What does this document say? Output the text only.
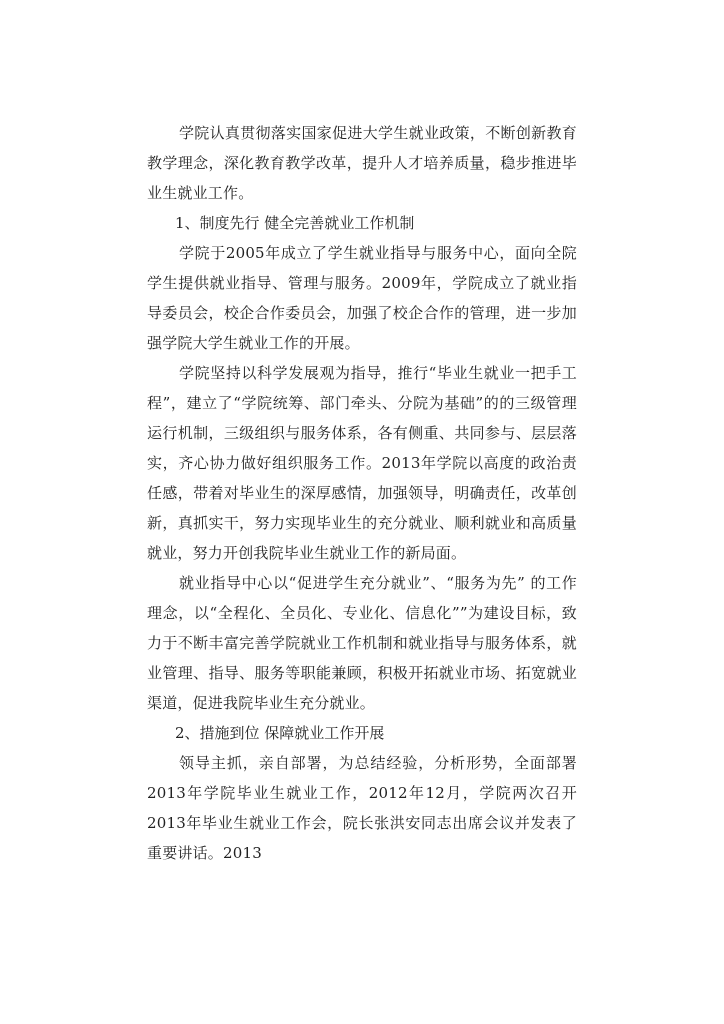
学院认真贯彻落实国家促进大学生就业政策，不断创新教育教学理念，深化教育教学改革，提升人才培养质量，稳步推进毕业生就业工作。

1、制度先行 健全完善就业工作机制

学院于2005年成立了学生就业指导与服务中心，面向全院学生提供就业指导、管理与服务。2009年，学院成立了就业指导委员会，校企合作委员会，加强了校企合作的管理，进一步加强学院大学生就业工作的开展。

学院坚持以科学发展观为指导，推行“毕业生就业一把手工程”，建立了“学院统筹、部门牵头、分院为基础”的的三级管理运行机制，三级组织与服务体系，各有侧重、共同参与、层层落实，齐心协力做好组织服务工作。2013年学院以高度的政治责任感，带着对毕业生的深厚感情，加强领导，明确责任，改革创新，真抓实干，努力实现毕业生的充分就业、顺利就业和高质量就业，努力开创我院毕业生就业工作的新局面。

就业指导中心以“促进学生充分就业”、“服务为先” 的工作理念，以“全程化、全员化、专业化、信息化””为建设目标，致力于不断丰富完善学院就业工作机制和就业指导与服务体系，就业管理、指导、服务等职能兼顾，积极开拓就业市场、拓宽就业渠道，促进我院毕业生充分就业。

2、措施到位 保障就业工作开展

领导主抓，亲自部署，为总结经验，分析形势，全面部署2013年学院毕业生就业工作，2012年12月，学院两次召开2013年毕业生就业工作会，院长张洪安同志出席会议并发表了重要讲话。2013
